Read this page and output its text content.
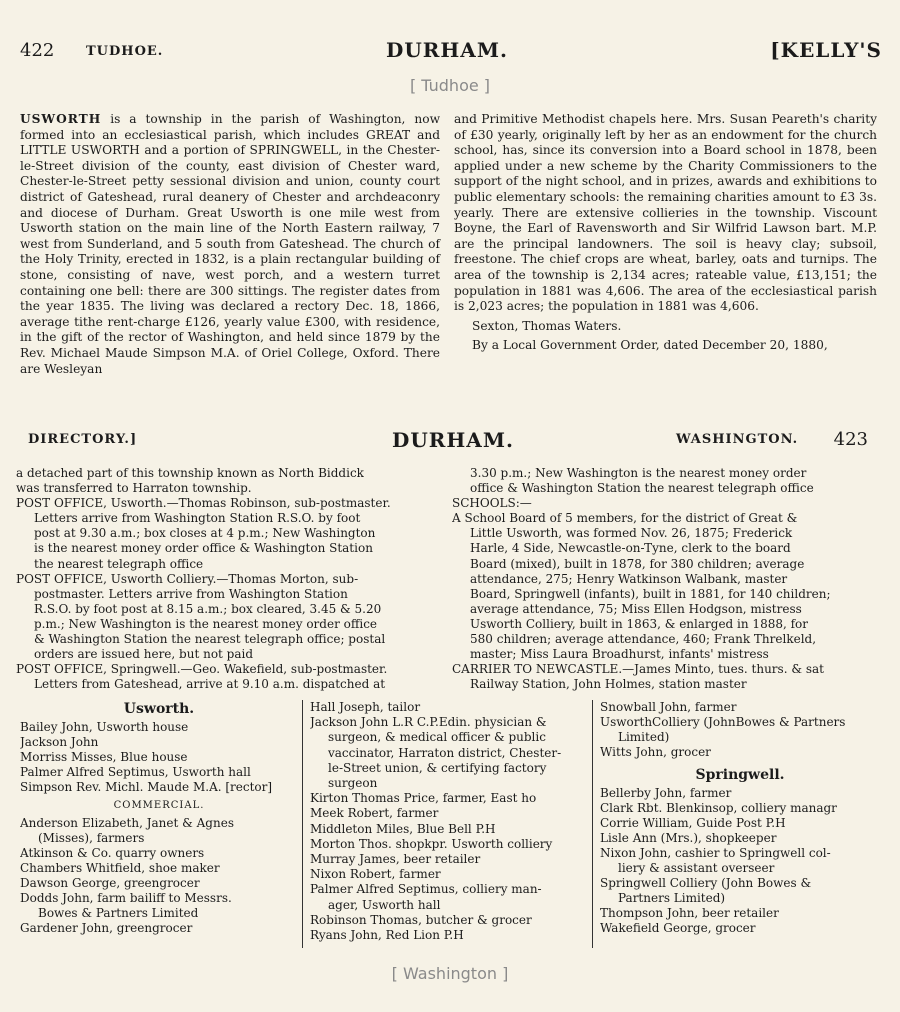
422 TUDHOE.	DURHAM.	[KELLY'S
[ Tudhoe ]

USWORTH is a township in the parish of Washington, now formed into an ecclesiastical parish, which includes GREAT and LITTLE USWORTH and a portion of SPRINGWELL, in the Chester-le-Street division of the county, east division of Chester ward, Chester-le-Street petty sessional division and union, county court district of Gateshead, rural deanery of Chester and archdeaconry and diocese of Durham. Great Usworth is one mile west from Usworth station on the main line of the North Eastern railway, 7 west from Sunderland, and 5 south from Gateshead. The church of the Holy Trinity, erected in 1832, is a plain rectangular building of stone, consisting of nave, west porch, and a western turret containing one bell: there are 300 sittings. The register dates from the year 1835. The living was declared a rectory Dec. 18, 1866, average tithe rent-charge £126, yearly value £300, with residence, in the gift of the rector of Washington, and held since 1879 by the Rev. Michael Maude Simpson M.A. of Oriel College, Oxford. There are Wesleyan

and Primitive Methodist chapels here. Mrs. Susan Peareth's charity of £30 yearly, originally left by her as an endowment for the church school, has, since its conversion into a Board school in 1878, been applied under a new scheme by the Charity Commissioners to the support of the night school, and in prizes, awards and exhibitions to public elementary schools: the remaining charities amount to £3 3s. yearly. There are extensive collieries in the township. Viscount Boyne, the Earl of Ravensworth and Sir Wilfrid Lawson bart. M.P. are the principal landowners. The soil is heavy clay; subsoil, freestone. The chief crops are wheat, barley, oats and turnips. The area of the township is 2,134 acres; rateable value, £13,151; the population in 1881 was 4,606. The area of the ecclesiastical parish is 2,023 acres; the population in 1881 was 4,606.

Sexton, Thomas Waters.

By a Local Government Order, dated December 20, 1880,

DIRECTORY.]	DURHAM.	WASHINGTON. 423
a detached part of this township known as North Biddick
was transferred to Harraton township.
POST OFFICE, Usworth.—Thomas Robinson, sub-postmaster.
Letters arrive from Washington Station R.S.O. by foot
post at 9.30 a.m.; box closes at 4 p.m.; New Washington
is the nearest money order office & Washington Station
the nearest telegraph office
POST OFFICE, Usworth Colliery.—Thomas Morton, sub-
postmaster. Letters arrive from Washington Station
R.S.O. by foot post at 8.15 a.m.; box cleared, 3.45 & 5.20
p.m.; New Washington is the nearest money order office
& Washington Station the nearest telegraph office; postal
orders are issued here, but not paid
POST OFFICE, Springwell.—Geo. Wakefield, sub-postmaster.
Letters from Gateshead, arrive at 9.10 a.m. dispatched at
3.30 p.m.; New Washington is the nearest money order
office & Washington Station the nearest telegraph office
SCHOOLS:—
A School Board of 5 members, for the district of Great &
Little Usworth, was formed Nov. 26, 1875; Frederick
Harle, 4 Side, Newcastle-on-Tyne, clerk to the board
Board (mixed), built in 1878, for 380 children; average
attendance, 275; Henry Watkinson Walbank, master
Board, Springwell (infants), built in 1881, for 140 children;
average attendance, 75; Miss Ellen Hodgson, mistress
Usworth Colliery, built in 1863, & enlarged in 1888, for
580 children; average attendance, 460; Frank Threlkeld,
master; Miss Laura Broadhurst, infants' mistress
CARRIER TO NEWCASTLE.—James Minto, tues. thurs. & sat
Railway Station, John Holmes, station master
Usworth.
Bailey John, Usworth house
Jackson John
Morriss Misses, Blue house
Palmer Alfred Septimus, Usworth hall
Simpson Rev. Michl. Maude M.A. [rector]
COMMERCIAL.
Anderson Elizabeth, Janet & Agnes
(Misses), farmers
Atkinson & Co. quarry owners
Chambers Whitfield, shoe maker
Dawson George, greengrocer
Dodds John, farm bailiff to Messrs.
Bowes & Partners Limited
Gardener John, greengrocer
Hall Joseph, tailor
Jackson John L.R C.P.Edin. physician &
surgeon, & medical officer & public
vaccinator, Harraton district, Chester-
le-Street union, & certifying factory
surgeon
Kirton Thomas Price, farmer, East ho
Meek Robert, farmer
Middleton Miles, Blue Bell P.H
Morton Thos. shopkpr. Usworth colliery
Murray James, beer retailer
Nixon Robert, farmer
Palmer Alfred Septimus, colliery man-
ager, Usworth hall
Robinson Thomas, butcher & grocer
Ryans John, Red Lion P.H
Snowball John, farmer
UsworthColliery (JohnBowes & Partners
Limited)
Witts John, grocer
Springwell.
Bellerby John, farmer
Clark Rbt. Blenkinsop, colliery managr
Corrie William, Guide Post P.H
Lisle Ann (Mrs.), shopkeeper
Nixon John, cashier to Springwell col-
liery & assistant overseer
Springwell Colliery (John Bowes &
Partners Limited)
Thompson John, beer retailer
Wakefield George, grocer
[ Washington ]
